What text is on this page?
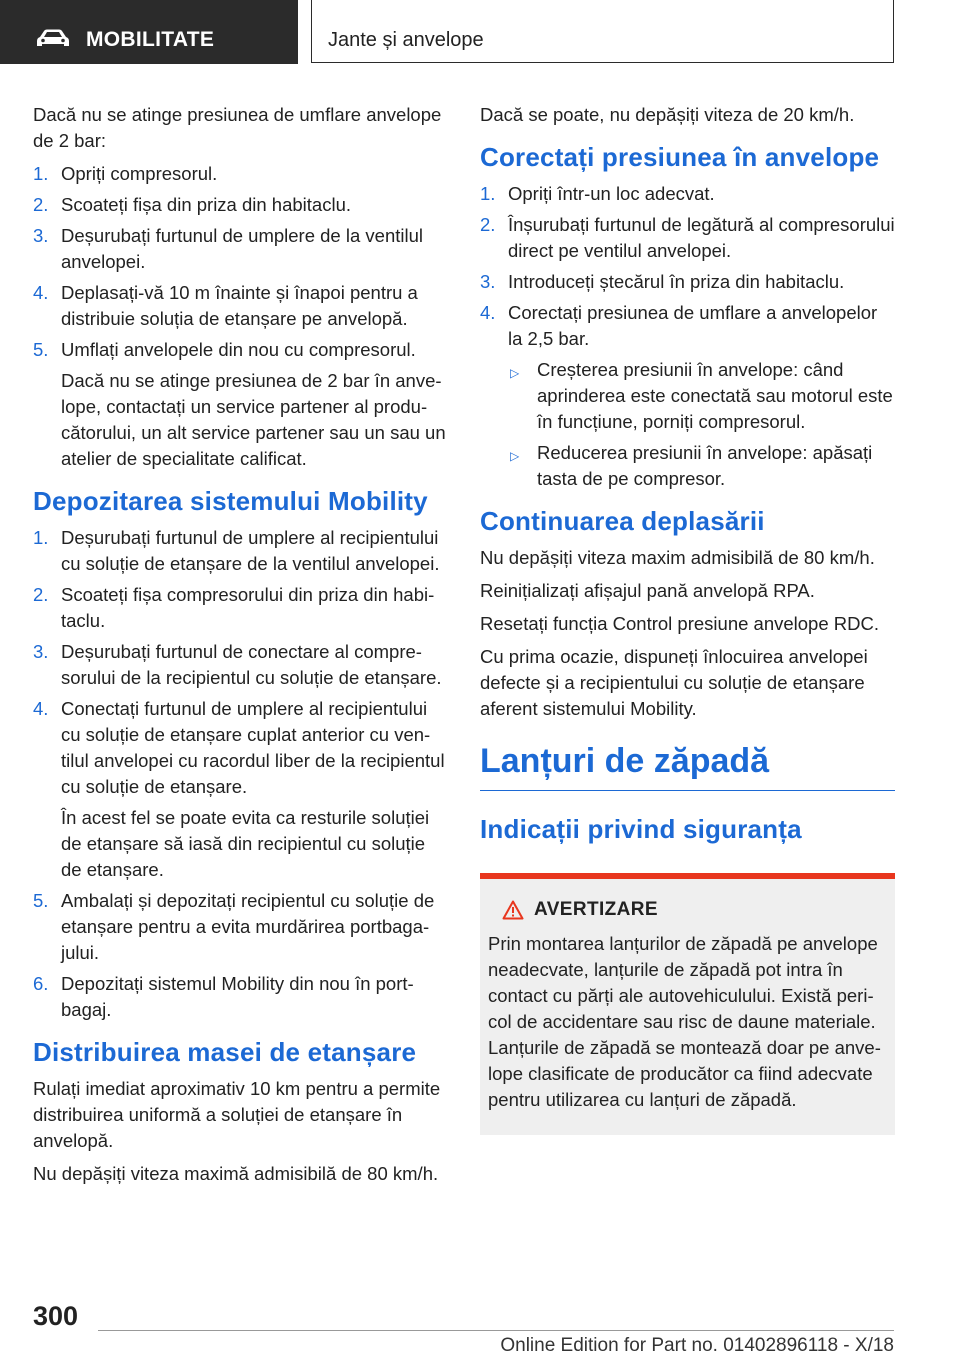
MOBILITATE	Jante și anvelope

Dacă nu se atinge presiunea de umflare anvelope de 2 bar:

1. Opriți compresorul.
2. Scoateți fișa din priza din habitaclu.
3. Deșurubați furtunul de umplere de la ventilul anvelopei.
4. Deplasați-vă 10 m înainte și înapoi pentru a distribuie soluția de etanșare pe anvelopă.
5. Umflați anvelopele din nou cu compresorul.
Dacă nu se atinge presiunea de 2 bar în anvelope, contactați un service partener al producătorului, un alt service partener sau un sau un atelier de specialitate calificat.
Depozitarea sistemului Mobility
1. Deșurubați furtunul de umplere al recipientului cu soluție de etanșare de la ventilul anvelopei.
2. Scoateți fișa compresorului din priza din habitaclu.
3. Deșurubați furtunul de conectare al compresorului de la recipientul cu soluție de etanșare.
4. Conectați furtunul de umplere al recipientului cu soluție de etanșare cuplat anterior cu ventilul anvelopei cu racordul liber de la recipientul cu soluție de etanșare.
În acest fel se poate evita ca resturile soluției de etanșare să iasă din recipientul cu soluție de etanșare.
5. Ambalați și depozitați recipientul cu soluție de etanșare pentru a evita murdărirea portbagajului.
6. Depozitați sistemul Mobility din nou în portbagaj.
Distribuirea masei de etanșare

Rulați imediat aproximativ 10 km pentru a permite distribuirea uniformă a soluției de etanșare în anvelopă.

Nu depășiți viteza maximă admisibilă de 80 km/h.

Dacă se poate, nu depășiți viteza de 20 km/h.

Corectați presiunea în anvelope
1. Opriți într-un loc adecvat.
2. Înșurubați furtunul de legătură al compresorului direct pe ventilul anvelopei.
3. Introduceți ștecărul în priza din habitaclu.
4. Corectați presiunea de umflare a anvelopelor la 2,5 bar.
▷ Creșterea presiunii în anvelope: când aprinderea este conectată sau motorul este în funcțiune, porniți compresorul.
▷ Reducerea presiunii în anvelope: apăsați tasta de pe compresor.
Continuarea deplasării

Nu depășiți viteza maxim admisibilă de 80 km/h.

Reinițializați afișajul pană anvelopă RPA.

Resetați funcția Control presiune anvelope RDC.

Cu prima ocazie, dispuneți înlocuirea anvelopei defecte și a recipientului cu soluție de etanșare aferent sistemului Mobility.

Lanțuri de zăpadă
Indicații privind siguranța
AVERTIZARE

Prin montarea lanțurilor de zăpadă pe anvelope neadecvate, lanțurile de zăpadă pot intra în contact cu părți ale autovehiculului. Există pericol de accidentare sau risc de daune materiale. Lanțurile de zăpadă se montează doar pe anvelope clasificate de producător ca fiind adecvate pentru utilizarea cu lanțuri de zăpadă.

300
Online Edition for Part no. 01402896118 - X/18
